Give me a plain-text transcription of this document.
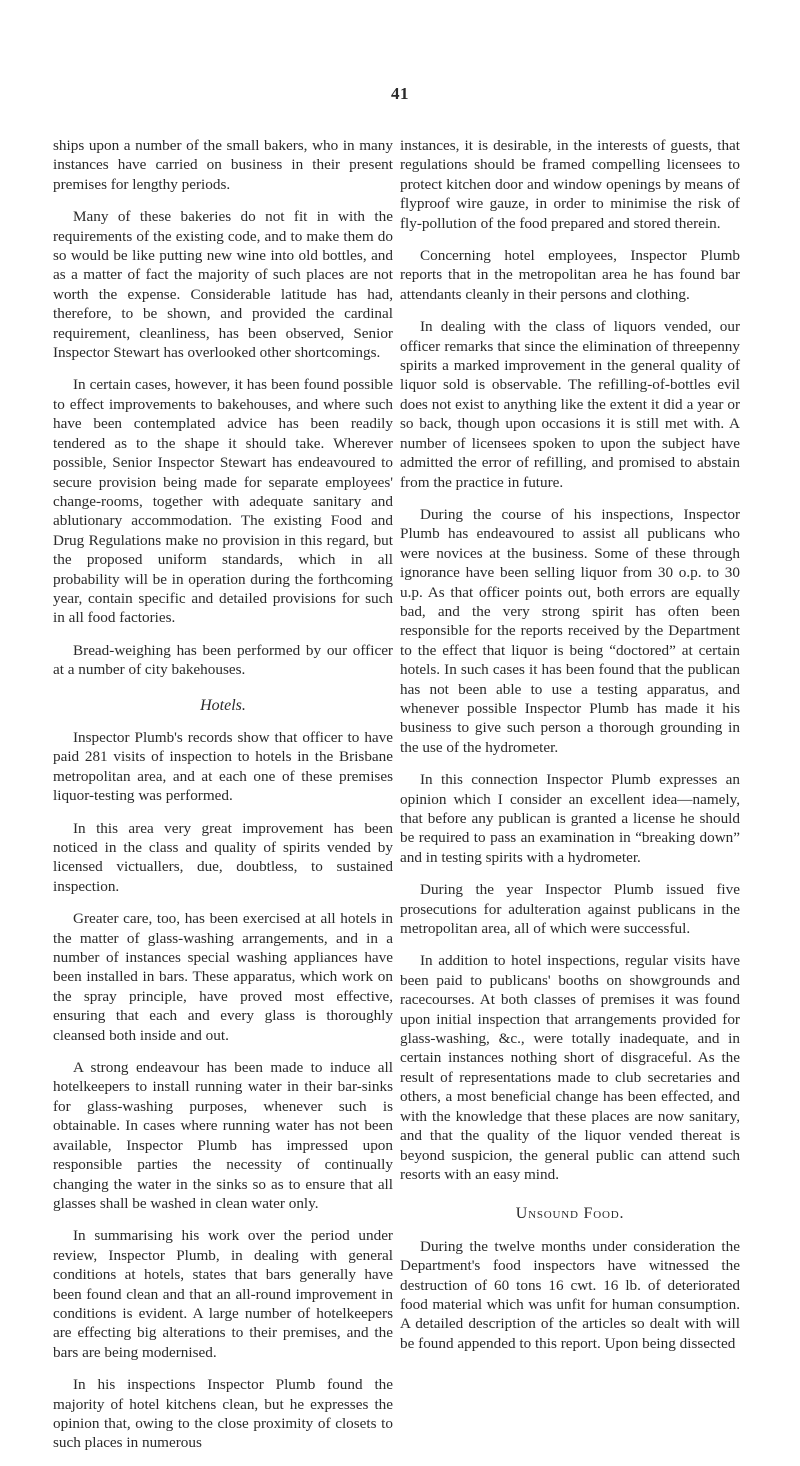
41

ships upon a number of the small bakers, who in many instances have carried on business in their present premises for lengthy periods.

Many of these bakeries do not fit in with the requirements of the existing code, and to make them do so would be like putting new wine into old bottles, and as a matter of fact the majority of such places are not worth the expense. Considerable latitude has had, therefore, to be shown, and provided the cardinal requirement, cleanliness, has been observed, Senior Inspector Stewart has overlooked other shortcomings.

In certain cases, however, it has been found possible to effect improvements to bakehouses, and where such have been contemplated advice has been readily tendered as to the shape it should take. Wherever possible, Senior Inspector Stewart has endeavoured to secure provision being made for separate employees' change-rooms, together with adequate sanitary and ablutionary accommodation. The existing Food and Drug Regulations make no provision in this regard, but the proposed uniform standards, which in all probability will be in operation during the forthcoming year, contain specific and detailed provisions for such in all food factories.

Bread-weighing has been performed by our officer at a number of city bakehouses.

Hotels.

Inspector Plumb's records show that officer to have paid 281 visits of inspection to hotels in the Brisbane metropolitan area, and at each one of these premises liquor-testing was performed.

In this area very great improvement has been noticed in the class and quality of spirits vended by licensed victuallers, due, doubtless, to sustained inspection.

Greater care, too, has been exercised at all hotels in the matter of glass-washing arrangements, and in a number of instances special washing appliances have been installed in bars. These apparatus, which work on the spray principle, have proved most effective, ensuring that each and every glass is thoroughly cleansed both inside and out.

A strong endeavour has been made to induce all hotelkeepers to install running water in their bar-sinks for glass-washing purposes, whenever such is obtainable. In cases where running water has not been available, Inspector Plumb has impressed upon responsible parties the necessity of continually changing the water in the sinks so as to ensure that all glasses shall be washed in clean water only.

In summarising his work over the period under review, Inspector Plumb, in dealing with general conditions at hotels, states that bars generally have been found clean and that an all-round improvement in conditions is evident. A large number of hotelkeepers are effecting big alterations to their premises, and the bars are being modernised.

In his inspections Inspector Plumb found the majority of hotel kitchens clean, but he expresses the opinion that, owing to the close proximity of closets to such places in numerous

instances, it is desirable, in the interests of guests, that regulations should be framed compelling licensees to protect kitchen door and window openings by means of flyproof wire gauze, in order to minimise the risk of fly-pollution of the food prepared and stored therein.

Concerning hotel employees, Inspector Plumb reports that in the metropolitan area he has found bar attendants cleanly in their persons and clothing.

In dealing with the class of liquors vended, our officer remarks that since the elimination of threepenny spirits a marked improvement in the general quality of liquor sold is observable. The refilling-of-bottles evil does not exist to anything like the extent it did a year or so back, though upon occasions it is still met with. A number of licensees spoken to upon the subject have admitted the error of refilling, and promised to abstain from the practice in future.

During the course of his inspections, Inspector Plumb has endeavoured to assist all publicans who were novices at the business. Some of these through ignorance have been selling liquor from 30 o.p. to 30 u.p. As that officer points out, both errors are equally bad, and the very strong spirit has often been responsible for the reports received by the Department to the effect that liquor is being “doctored” at certain hotels. In such cases it has been found that the publican has not been able to use a testing apparatus, and whenever possible Inspector Plumb has made it his business to give such person a thorough grounding in the use of the hydrometer.

In this connection Inspector Plumb expresses an opinion which I consider an excellent idea—namely, that before any publican is granted a license he should be required to pass an examination in “breaking down” and in testing spirits with a hydrometer.

During the year Inspector Plumb issued five prosecutions for adulteration against publicans in the metropolitan area, all of which were successful.

In addition to hotel inspections, regular visits have been paid to publicans' booths on showgrounds and racecourses. At both classes of premises it was found upon initial inspection that arrangements provided for glass-washing, &c., were totally inadequate, and in certain instances nothing short of disgraceful. As the result of representations made to club secretaries and others, a most beneficial change has been effected, and with the knowledge that these places are now sanitary, and that the quality of the liquor vended thereat is beyond suspicion, the general public can attend such resorts with an easy mind.

Unsound Food.

During the twelve months under consideration the Department's food inspectors have witnessed the destruction of 60 tons 16 cwt. 16 lb. of deteriorated food material which was unfit for human consumption. A detailed description of the articles so dealt with will be found appended to this report. Upon being dissected
